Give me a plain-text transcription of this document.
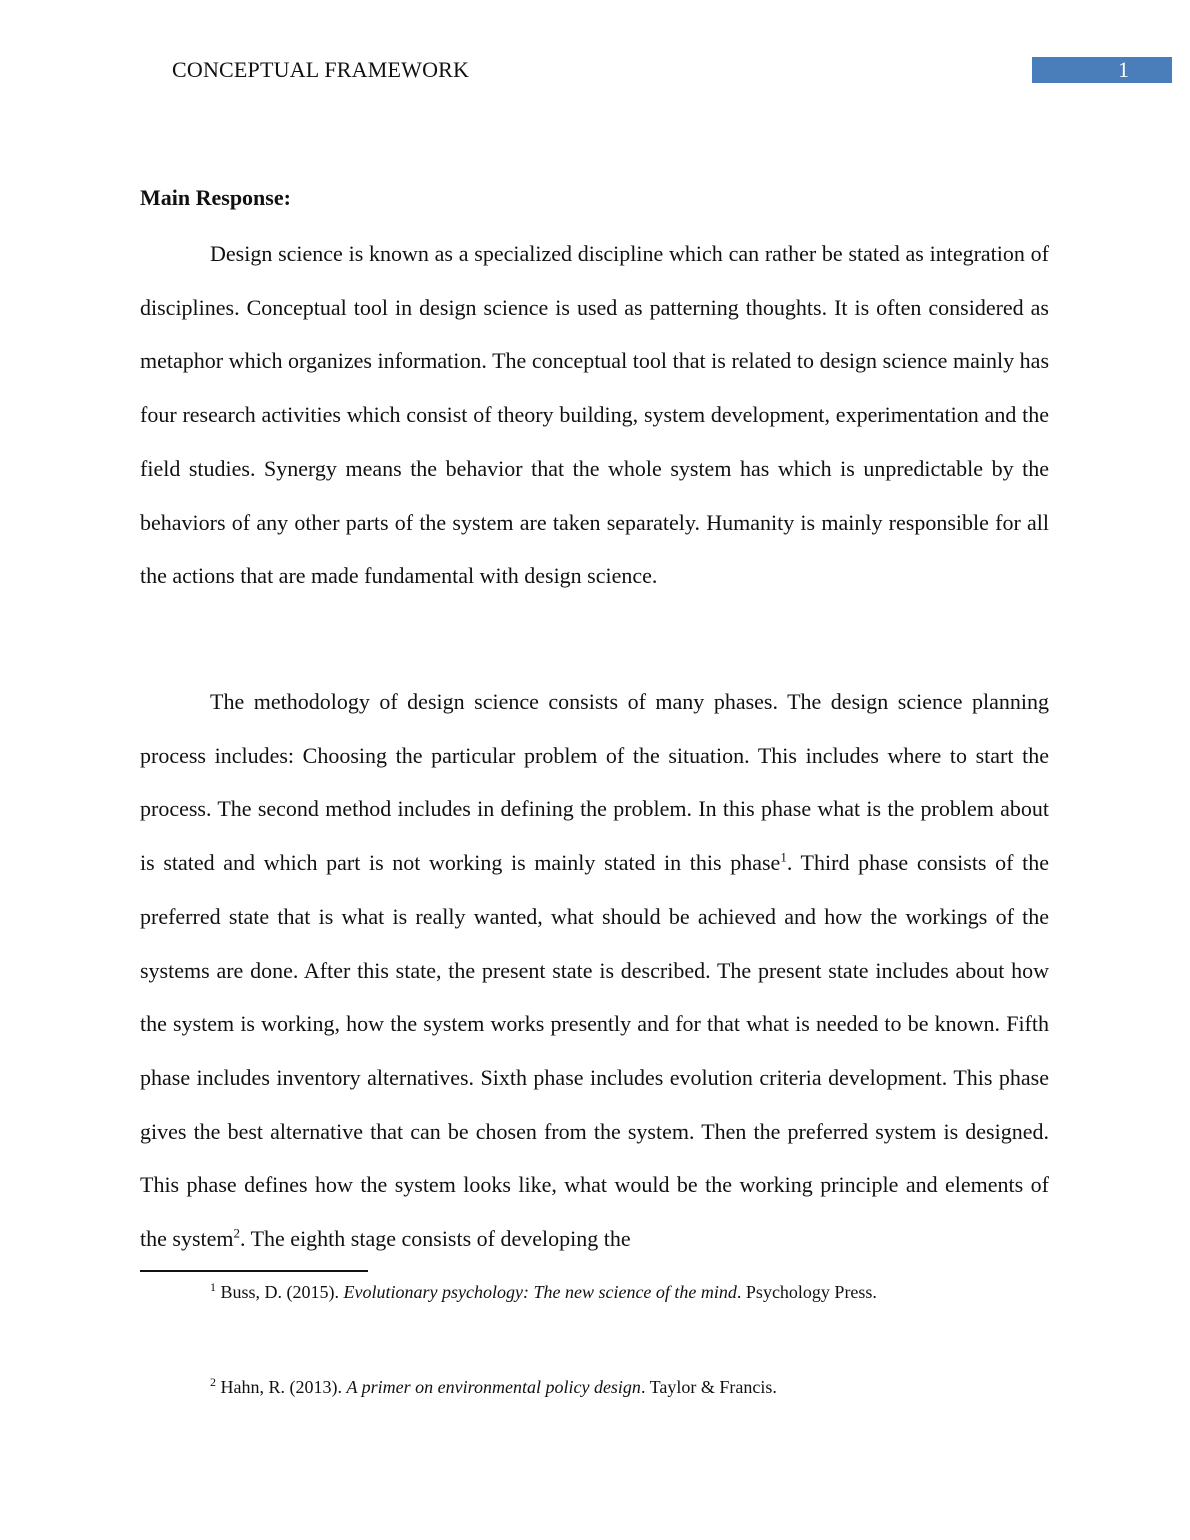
CONCEPTUAL FRAMEWORK	1
Main Response:

Design science is known as a specialized discipline which can rather be stated as integration of disciplines. Conceptual tool in design science is used as patterning thoughts. It is often considered as metaphor which organizes information. The conceptual tool that is related to design science mainly has four research activities which consist of theory building, system development, experimentation and the field studies. Synergy means the behavior that the whole system has which is unpredictable by the behaviors of any other parts of the system are taken separately. Humanity is mainly responsible for all the actions that are made fundamental with design science.

The methodology of design science consists of many phases. The design science planning process includes: Choosing the particular problem of the situation. This includes where to start the process. The second method includes in defining the problem. In this phase what is the problem about is stated and which part is not working is mainly stated in this phase$^1$. Third phase consists of the preferred state that is what is really wanted, what should be achieved and how the workings of the systems are done. After this state, the present state is described. The present state includes about how the system is working, how the system works presently and for that what is needed to be known. Fifth phase includes inventory alternatives. Sixth phase includes evolution criteria development. This phase gives the best alternative that can be chosen from the system. Then the preferred system is designed. This phase defines how the system looks like, what would be the working principle and elements of the system$^2$. The eighth stage consists of developing the

$^1$ Buss, D. (2015). Evolutionary psychology: The new science of the mind. Psychology Press.
$^2$ Hahn, R. (2013). A primer on environmental policy design. Taylor & Francis.
